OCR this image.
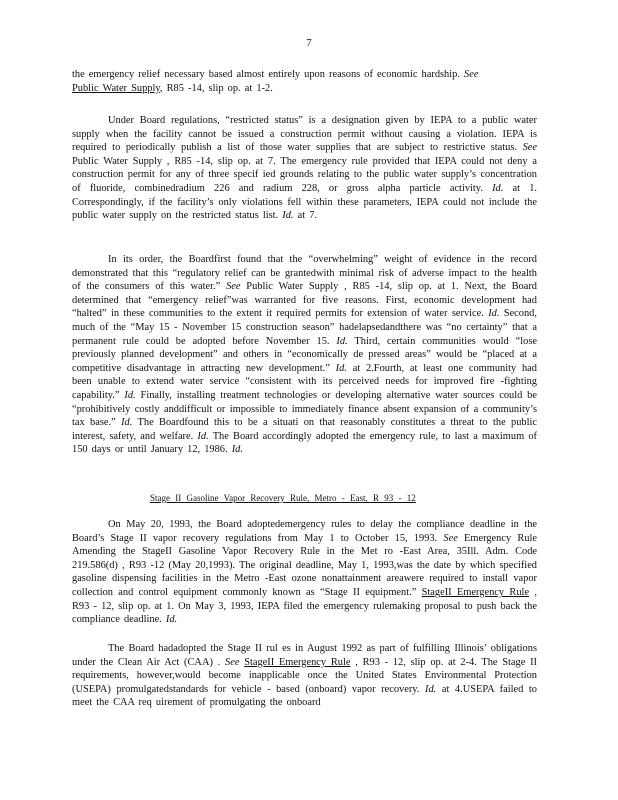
7

the emergency relief necessary based almost entirely upon reasons of economic hardship. See
Public Water Supply, R85 -14, slip op. at 1-2.

Under Board regulations, “restricted status” is a designation given by IEPA to a public water supply when the facility cannot be issued a construction permit without causing a violation. IEPA is required to periodically publish a list of those water supplies that are subject to restrictive status. See Public Water Supply , R85 -14, slip op. at 7. The emergency rule provided that IEPA could not deny a construction permit for any of three specif ied grounds relating to the public water supply’s concentration of fluoride, combinedradium 226 and radium 228, or gross alpha particle activity. Id. at 1. Correspondingly, if the facility’s only violations fell within these parameters, IEPA could not include the public water supply on the restricted status list. Id. at 7.

In its order, the Boardfirst found that the “overwhelming” weight of evidence in the record demonstrated that this “regulatory relief can be grantedwith minimal risk of adverse impact to the health of the consumers of this water.” See Public Water Supply , R85 -14, slip op. at 1. Next, the Board determined that “emergency relief”was warranted for five reasons. First, economic development had “halted” in these communities to the extent it required permits for extension of water service. Id. Second, much of the “May 15 - November 15 construction season” hadelapsedandthere was “no certainty” that a permanent rule could be adopted before November 15. Id. Third, certain communities would “lose previously planned development” and others in “economically de pressed areas” would be “placed at a competitive disadvantage in attracting new development.” Id. at 2.Fourth, at least one community had been unable to extend water service “consistent with its perceived needs for improved fire -fighting capability.” Id. Finally, installing treatment technologies or developing alternative water sources could be “prohibitively costly anddifficult or impossible to immediately finance absent expansion of a community’s tax base.” Id. The Boardfound this to be a situati on that reasonably constitutes a threat to the public interest, safety, and welfare. Id. The Board accordingly adopted the emergency rule, to last a maximum of 150 days or until January 12, 1986. Id.

Stage II Gasoline Vapor Recovery Rule, Metro - East, R 93 - 12

On May 20, 1993, the Board adoptedemergency rules to delay the compliance deadline in the Board’s Stage II vapor recovery regulations from May 1 to October 15, 1993. See Emergency Rule Amending the StageII Gasoline Vapor Recovery Rule in the Met ro -East Area, 35Ill. Adm. Code 219.586(d) , R93 -12 (May 20,1993). The original deadline, May 1, 1993,was the date by which specified gasoline dispensing facilities in the Metro -East ozone nonattainment areawere required to install vapor collection and control equipment commonly known as “Stage II equipment.” StageII Emergency Rule , R93 - 12, slip op. at 1. On May 3, 1993, IEPA filed the emergency rulemaking proposal to push back the compliance deadline. Id.

The Board hadadopted the Stage II rul es in August 1992 as part of fulfilling Illinois’ obligations under the Clean Air Act (CAA) . See StageII Emergency Rule , R93 - 12, slip op. at 2-4. The Stage II requirements, however,would become inapplicable once the United States Environmental Protection (USEPA) promulgatedstandards for vehicle - based (onboard) vapor recovery. Id. at 4.USEPA failed to meet the CAA req uirement of promulgating the onboard
